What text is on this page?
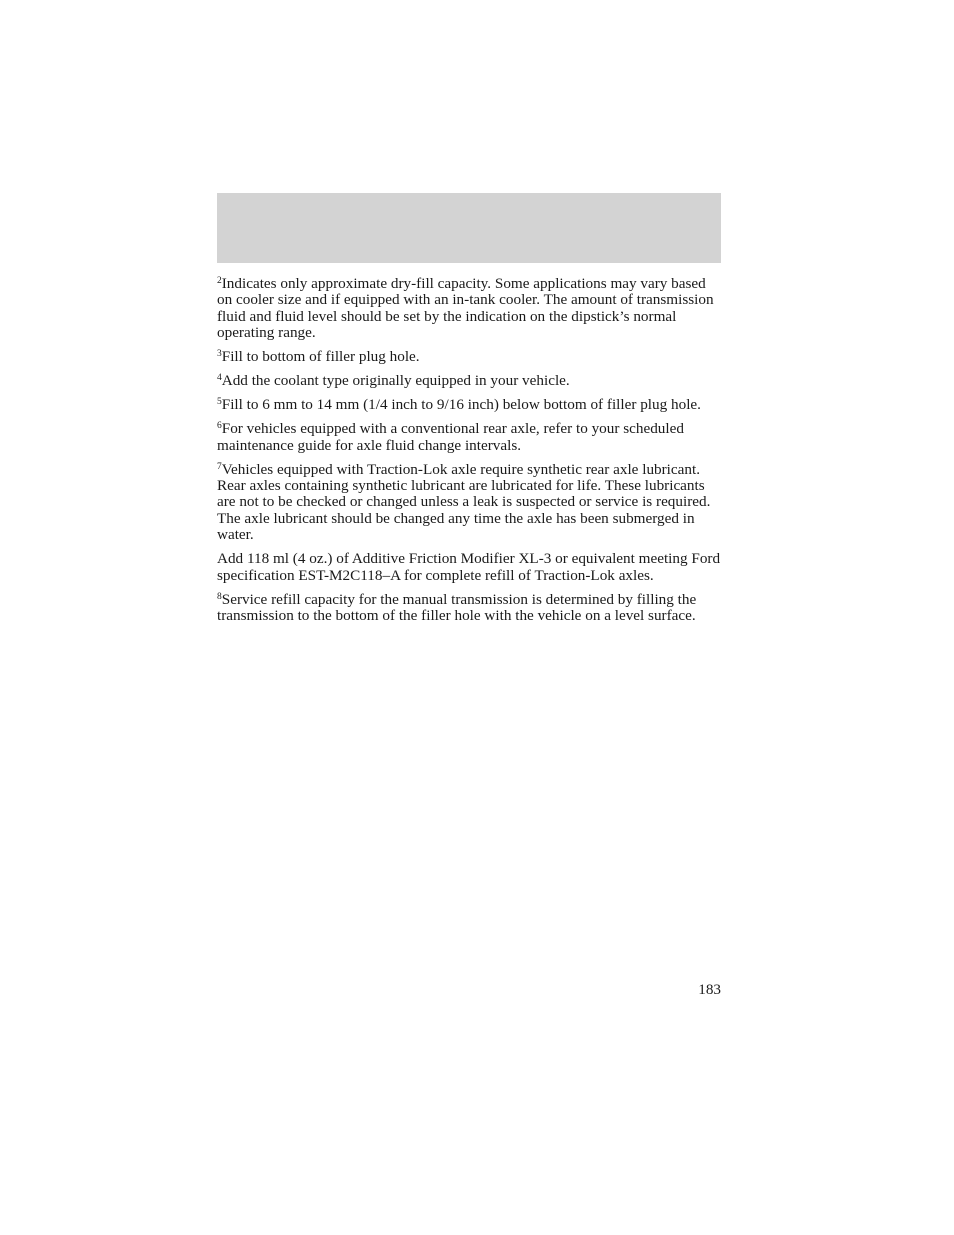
$^2$Indicates only approximate dry-fill capacity. Some applications may vary based on cooler size and if equipped with an in-tank cooler. The amount of transmission fluid and fluid level should be set by the indication on the dipstick’s normal operating range.

$^3$Fill to bottom of filler plug hole.

$^4$Add the coolant type originally equipped in your vehicle.

$^5$Fill to 6 mm to 14 mm (1/4 inch to 9/16 inch) below bottom of filler plug hole.

$^6$For vehicles equipped with a conventional rear axle, refer to your scheduled maintenance guide for axle fluid change intervals.

$^7$Vehicles equipped with Traction-Lok axle require synthetic rear axle lubricant. Rear axles containing synthetic lubricant are lubricated for life. These lubricants are not to be checked or changed unless a leak is suspected or service is required. The axle lubricant should be changed any time the axle has been submerged in water.

Add 118 ml (4 oz.) of Additive Friction Modifier XL-3 or equivalent meeting Ford specification EST-M2C118–A for complete refill of Traction-Lok axles.

$^8$Service refill capacity for the manual transmission is determined by filling the transmission to the bottom of the filler hole with the vehicle on a level surface.

183
